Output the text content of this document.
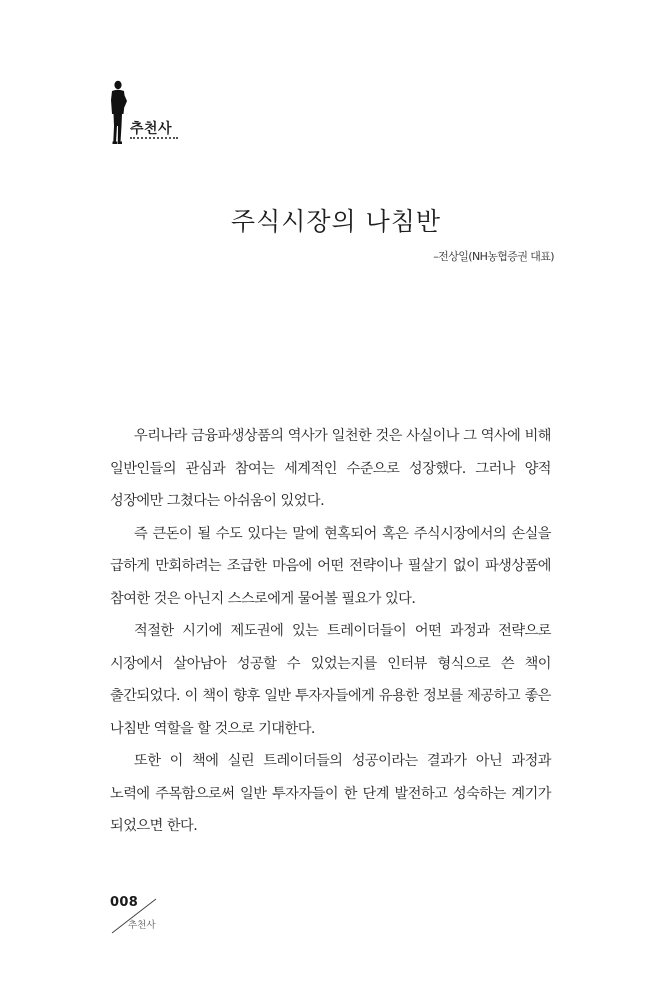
추천사
주식시장의 나침반
–전상일(NH농협증권 대표)

우리나라 금융파생상품의 역사가 일천한 것은 사실이나 그 역사에 비해 일반인들의 관심과 참여는 세계적인 수준으로 성장했다. 그러나 양적 성장에만 그쳤다는 아쉬움이 있었다.

즉 큰돈이 될 수도 있다는 말에 현혹되어 혹은 주식시장에서의 손실을 급하게 만회하려는 조급한 마음에 어떤 전략이나 필살기 없이 파생상품에 참여한 것은 아닌지 스스로에게 물어볼 필요가 있다.

적절한 시기에 제도권에 있는 트레이더들이 어떤 과정과 전략으로 시장에서 살아남아 성공할 수 있었는지를 인터뷰 형식으로 쓴 책이 출간되었다. 이 책이 향후 일반 투자자들에게 유용한 정보를 제공하고 좋은 나침반 역할을 할 것으로 기대한다.

또한 이 책에 실린 트레이더들의 성공이라는 결과가 아닌 과정과 노력에 주목함으로써 일반 투자자들이 한 단계 발전하고 성숙하는 계기가 되었으면 한다.

008
추천사
